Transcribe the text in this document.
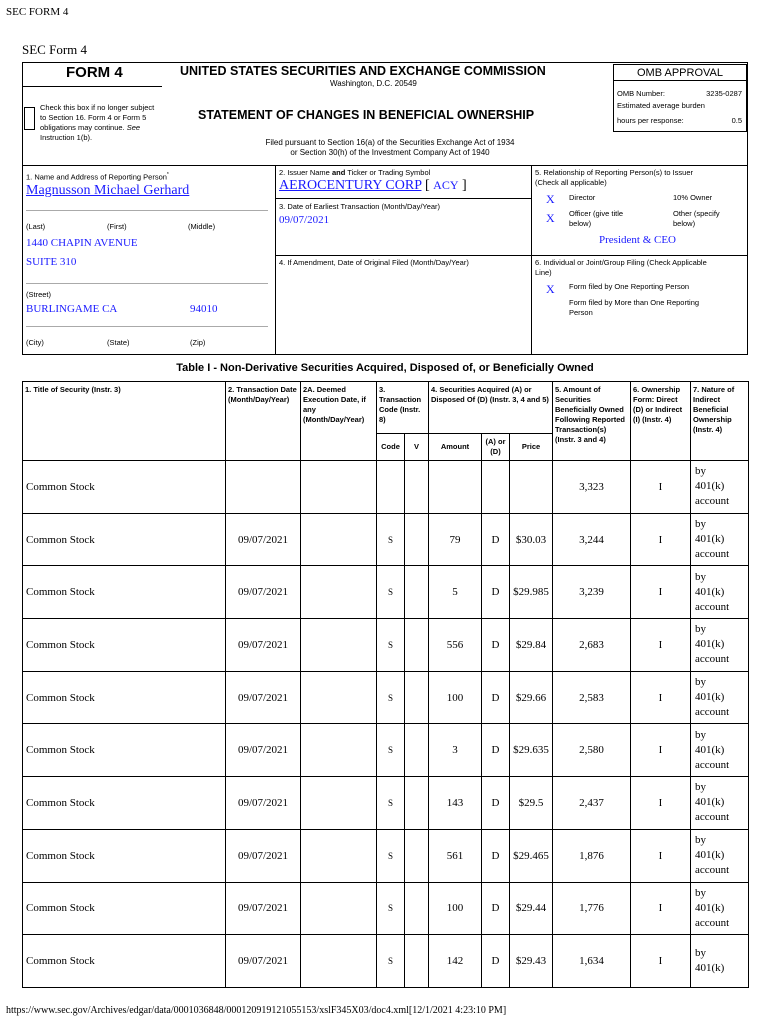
SEC FORM 4
SEC Form 4
FORM 4	UNITED STATES SECURITIES AND EXCHANGE COMMISSION
Washington, D.C. 20549
OMB APPROVAL
OMB Number:	3235-0287
Estimated average burden
hours per response:	0.5
Check this box if no longer subject
to Section 16. Form 4 or Form 5
obligations may continue. See
Instruction 1(b).
STATEMENT OF CHANGES IN BENEFICIAL OWNERSHIP
Filed pursuant to Section 16(a) of the Securities Exchange Act of 1934
or Section 30(h) of the Investment Company Act of 1940
1. Name and Address of Reporting Person*
Magnusson Michael Gerhard
(Last)	(First)	(Middle)
1440 CHAPIN AVENUE
SUITE 310
(Street)
BURLINGAME CA	94010
(City)	(State)	(Zip)
2. Issuer Name and Ticker or Trading Symbol
AEROCENTURY CORP [ ACY ]
3. Date of Earliest Transaction (Month/Day/Year)
09/07/2021
4. If Amendment, Date of Original Filed (Month/Day/Year)
5. Relationship of Reporting Person(s) to Issuer
(Check all applicable)
X Director	10% Owner
X Officer (give title
below)
Other (specify
below)
President & CEO
6. Individual or Joint/Group Filing (Check Applicable
Line)
X Form filed by One Reporting Person
Form filed by More than One Reporting
Person
Table I - Non-Derivative Securities Acquired, Disposed of, or Beneficially Owned
1. Title of Security (Instr. 3)	2. Transaction Date (Month/Day/Year)	2A. Deemed Execution Date, if any (Month/Day/Year)	3. Transaction Code (Instr. 8)		4. Securities Acquired (A) or Disposed Of (D) (Instr. 3, 4 and 5)			5. Amount of Securities Beneficially Owned Following Reported Transaction(s) (Instr. 3 and 4)	6. Ownership Form: Direct (D) or Indirect (I) (Instr. 4)	7. Nature of Indirect Beneficial Ownership (Instr. 4)
			Code	V	Amount	(A) or (D)	Price			
Common Stock								3,323	I	by
401(k)
account

Common Stock	09/07/2021		S		79	D	$30.03	3,244	I	by
401(k)
account

Common Stock	09/07/2021		S		5	D	$29.985	3,239	I	by
401(k)
account

Common Stock	09/07/2021		S		556	D	$29.84	2,683	I	by
401(k)
account

Common Stock	09/07/2021		S		100	D	$29.66	2,583	I	by
401(k)
account

Common Stock	09/07/2021		S		3	D	$29.635	2,580	I	by
401(k)
account

Common Stock	09/07/2021		S		143	D	$29.5	2,437	I	by
401(k)
account

Common Stock	09/07/2021		S		561	D	$29.465	1,876	I	by
401(k)
account

Common Stock	09/07/2021		S		100	D	$29.44	1,776	I	by
401(k)
account

Common Stock	09/07/2021		S		142	D	$29.43	1,634	I	by
401(k)
https://www.sec.gov/Archives/edgar/data/0001036848/000120919121055153/xslF345X03/doc4.xml[12/1/2021 4:23:10 PM]
